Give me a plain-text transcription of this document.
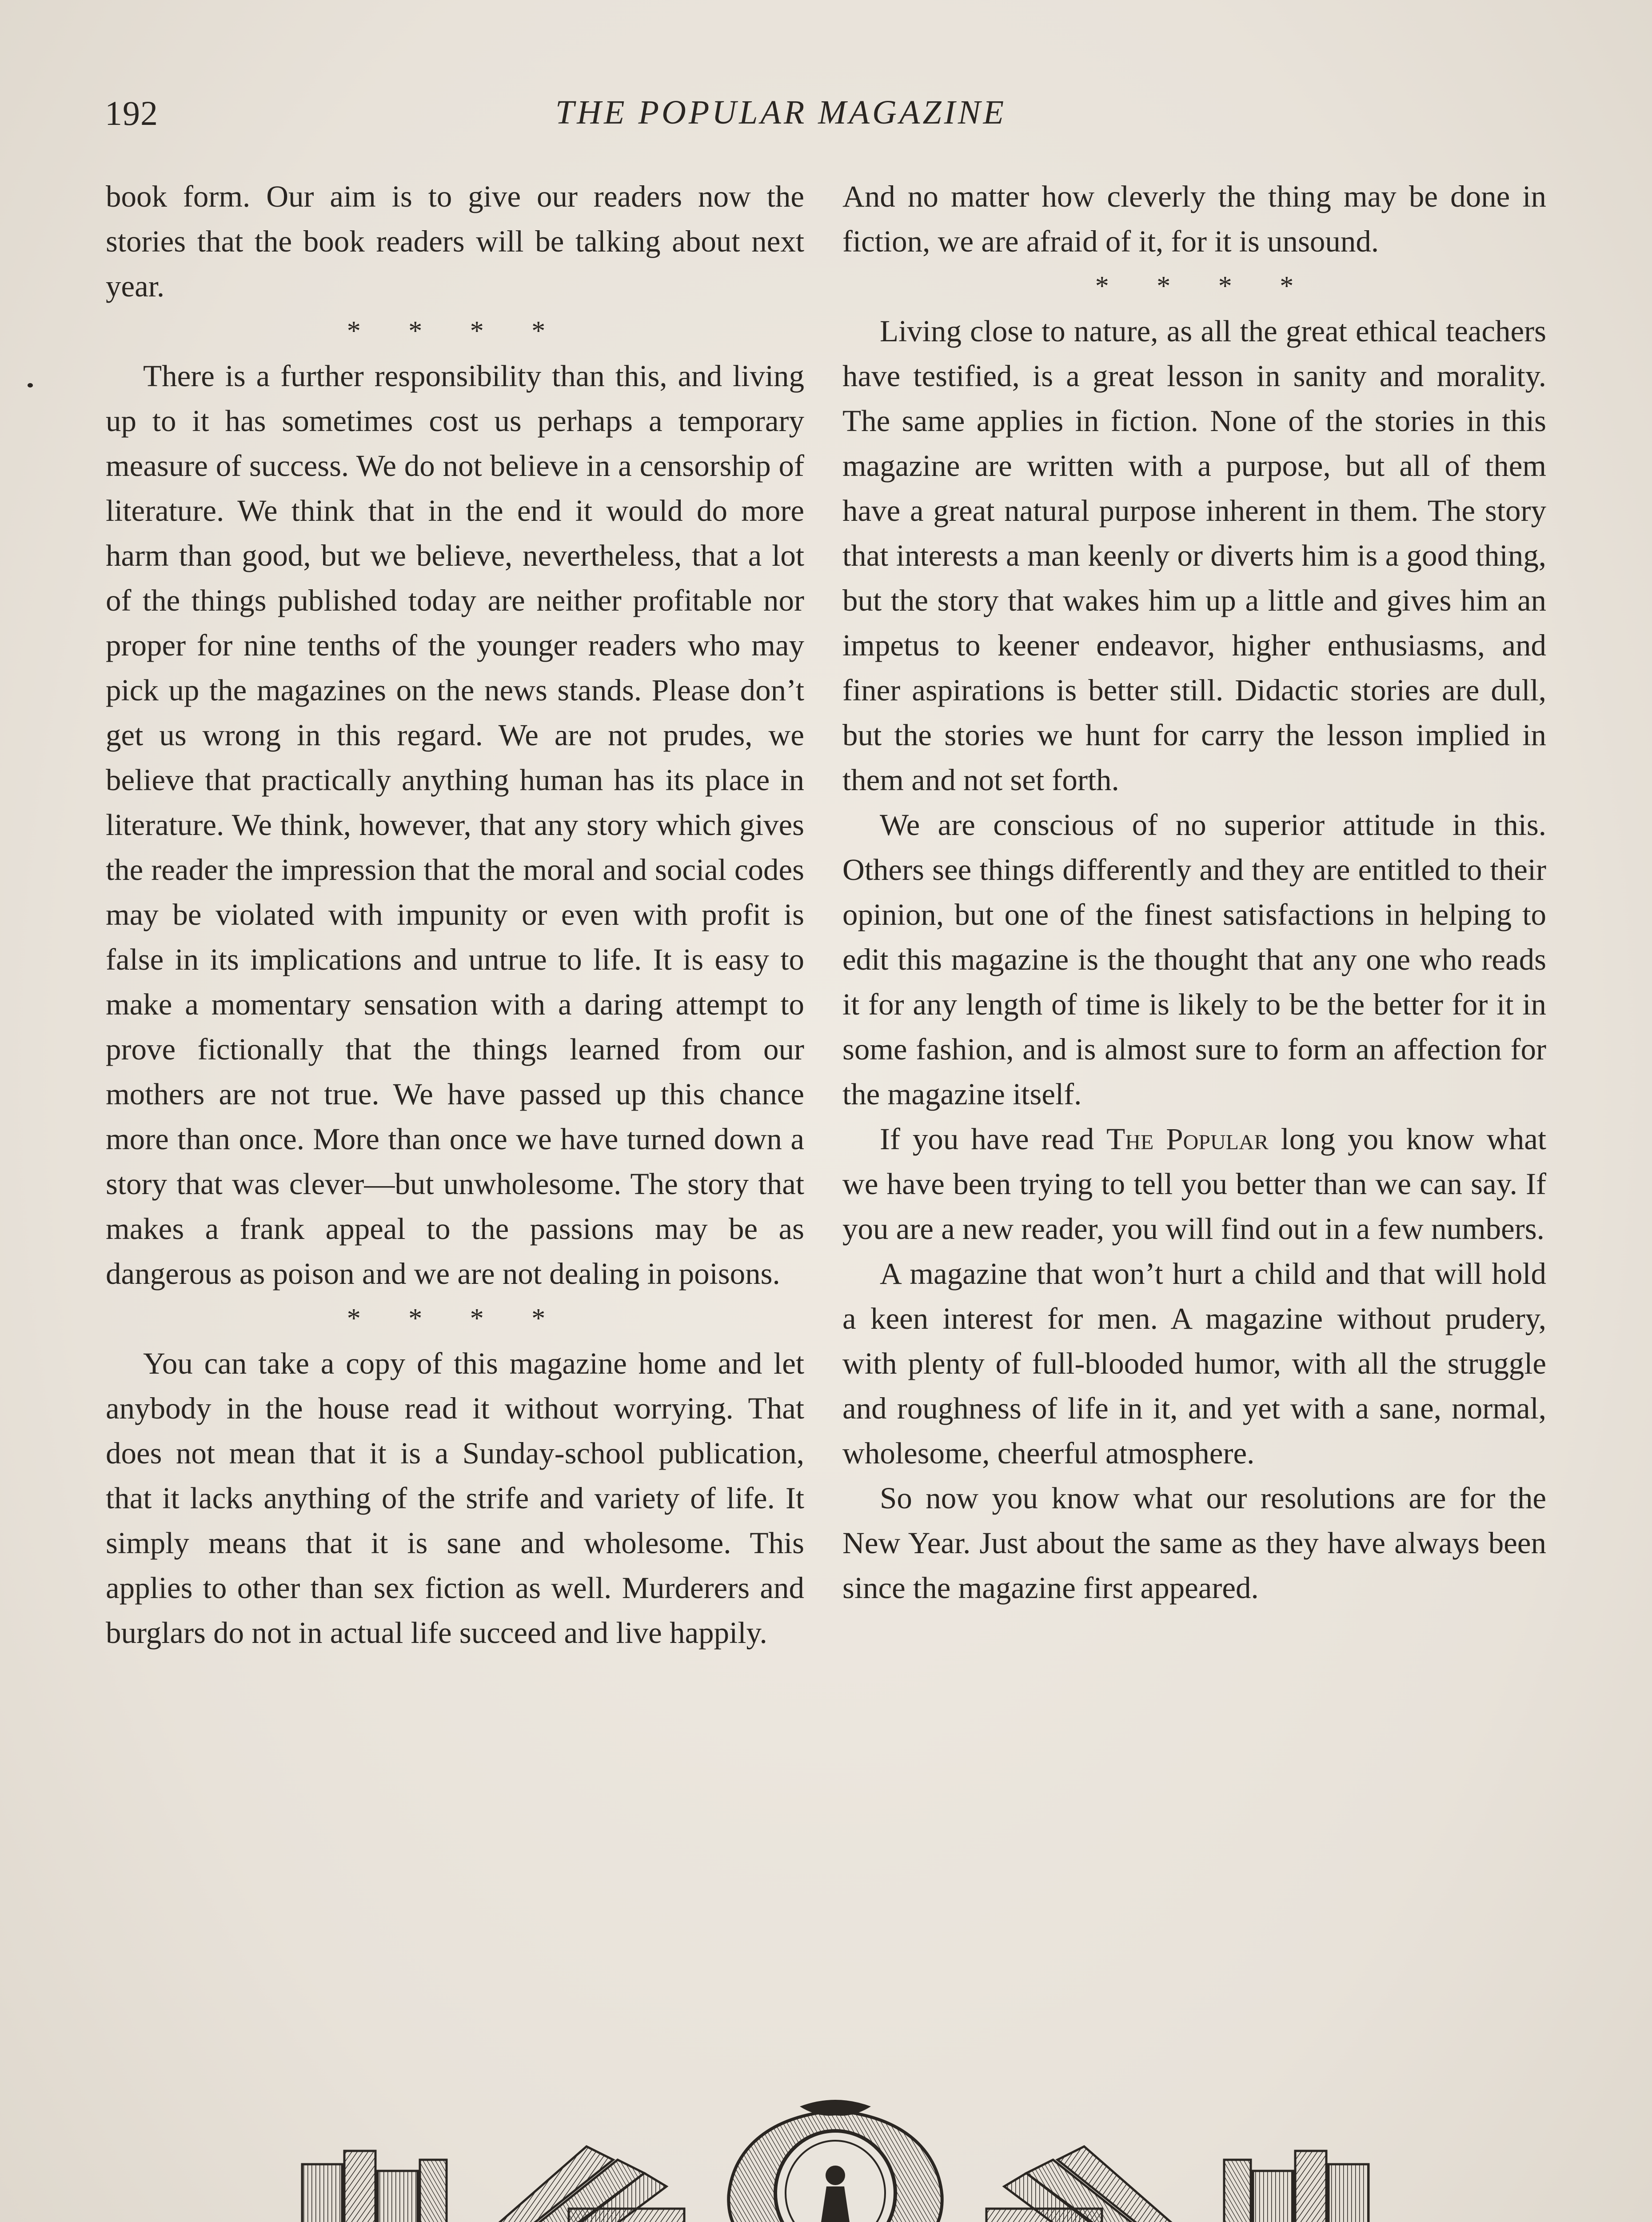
192	THE POPULAR MAGAZINE

book form. Our aim is to give our readers now the stories that the book readers will be talking about next year.

* * * *

There is a further responsibility than this, and living up to it has sometimes cost us perhaps a temporary measure of success. We do not believe in a censorship of literature. We think that in the end it would do more harm than good, but we believe, nevertheless, that a lot of the things published today are neither profitable nor proper for nine tenths of the younger readers who may pick up the magazines on the news stands. Please don’t get us wrong in this regard. We are not prudes, we believe that practically anything human has its place in literature. We think, however, that any story which gives the reader the impression that the moral and social codes may be violated with impunity or even with profit is false in its implications and untrue to life. It is easy to make a momentary sensation with a daring attempt to prove fictionally that the things learned from our mothers are not true. We have passed up this chance more than once. More than once we have turned down a story that was clever—but unwholesome. The story that makes a frank appeal to the passions may be as dangerous as poison and we are not dealing in poisons.

* * * *

You can take a copy of this magazine home and let anybody in the house read it without worrying. That does not mean that it is a Sunday-school publication, that it lacks anything of the strife and variety of life. It simply means that it is sane and wholesome. This applies to other than sex fiction as well. Murderers and burglars do not in actual life succeed and live happily.

And no matter how cleverly the thing may be done in fiction, we are afraid of it, for it is unsound.

* * * *

Living close to nature, as all the great ethical teachers have testified, is a great lesson in sanity and morality. The same applies in fiction. None of the stories in this magazine are written with a purpose, but all of them have a great natural purpose inherent in them. The story that interests a man keenly or diverts him is a good thing, but the story that wakes him up a little and gives him an impetus to keener endeavor, higher enthusiasms, and finer aspirations is better still. Didactic stories are dull, but the stories we hunt for carry the lesson implied in them and not set forth.

We are conscious of no superior attitude in this. Others see things differently and they are entitled to their opinion, but one of the finest satisfactions in helping to edit this magazine is the thought that any one who reads it for any length of time is likely to be the better for it in some fashion, and is almost sure to form an affection for the magazine itself.

If you have read The Popular long you know what we have been trying to tell you better than we can say. If you are a new reader, you will find out in a few numbers.

A magazine that won’t hurt a child and that will hold a keen interest for men. A magazine without prudery, with plenty of full-blooded humor, with all the struggle and roughness of life in it, and yet with a sane, normal, wholesome, cheerful atmosphere.

So now you know what our resolutions are for the New Year. Just about the same as they have always been since the magazine first appeared.
